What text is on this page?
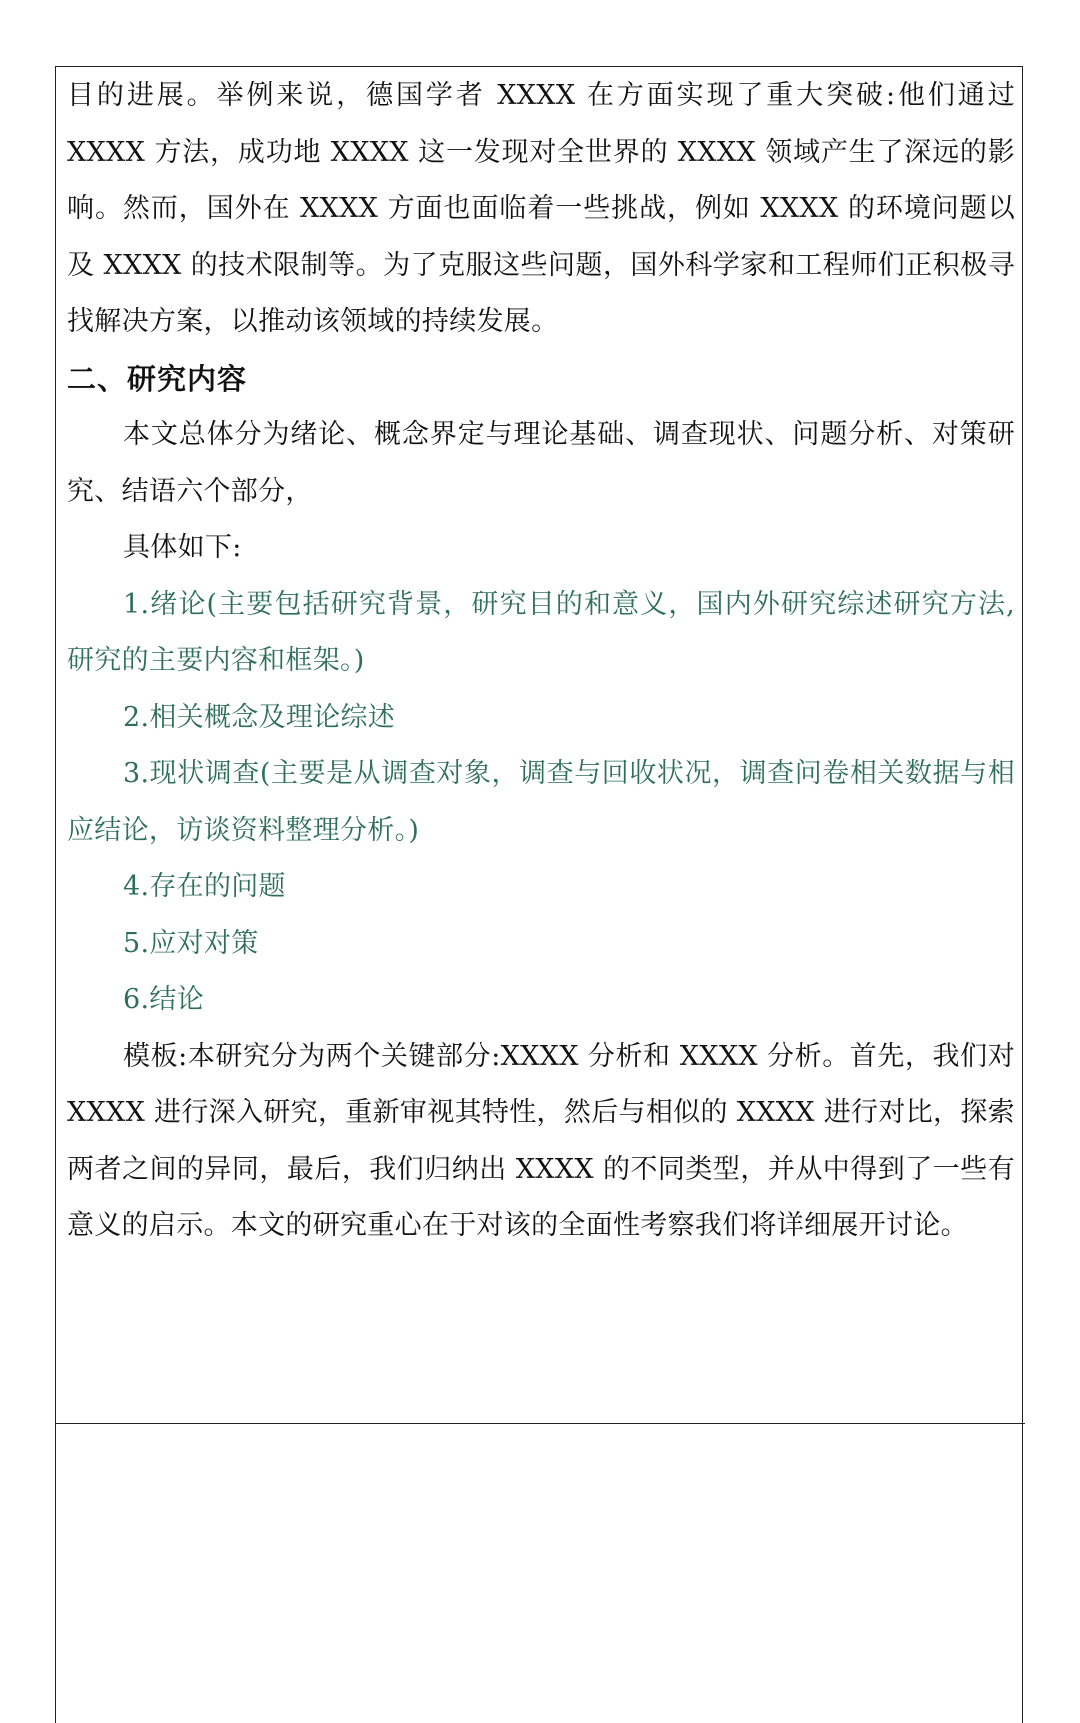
目的进展。举例来说，德国学者 XXXX 在方面实现了重大突破:他们通过 XXXX 方法，成功地 XXXX 这一发现对全世界的 XXXX 领域产生了深远的影响。然而，国外在 XXXX 方面也面临着一些挑战，例如 XXXX 的环境问题以及 XXXX 的技术限制等。为了克服这些问题，国外科学家和工程师们正积极寻找解决方案，以推动该领域的持续发展。

二、研究内容

本文总体分为绪论、概念界定与理论基础、调查现状、问题分析、对策研究、结语六个部分，

具体如下:

1.绪论(主要包括研究背景，研究目的和意义，国内外研究综述研究方法,研究的主要内容和框架。)

2.相关概念及理论综述

3.现状调查(主要是从调查对象，调查与回收状况，调查问卷相关数据与相应结论，访谈资料整理分析。)

4.存在的问题

5.应对对策

6.结论

模板:本研究分为两个关键部分:XXXX 分析和 XXXX 分析。首先，我们对 XXXX 进行深入研究，重新审视其特性，然后与相似的 XXXX 进行对比，探索两者之间的异同，最后，我们归纳出 XXXX 的不同类型，并从中得到了一些有意义的启示。本文的研究重心在于对该的全面性考察我们将详细展开讨论。
